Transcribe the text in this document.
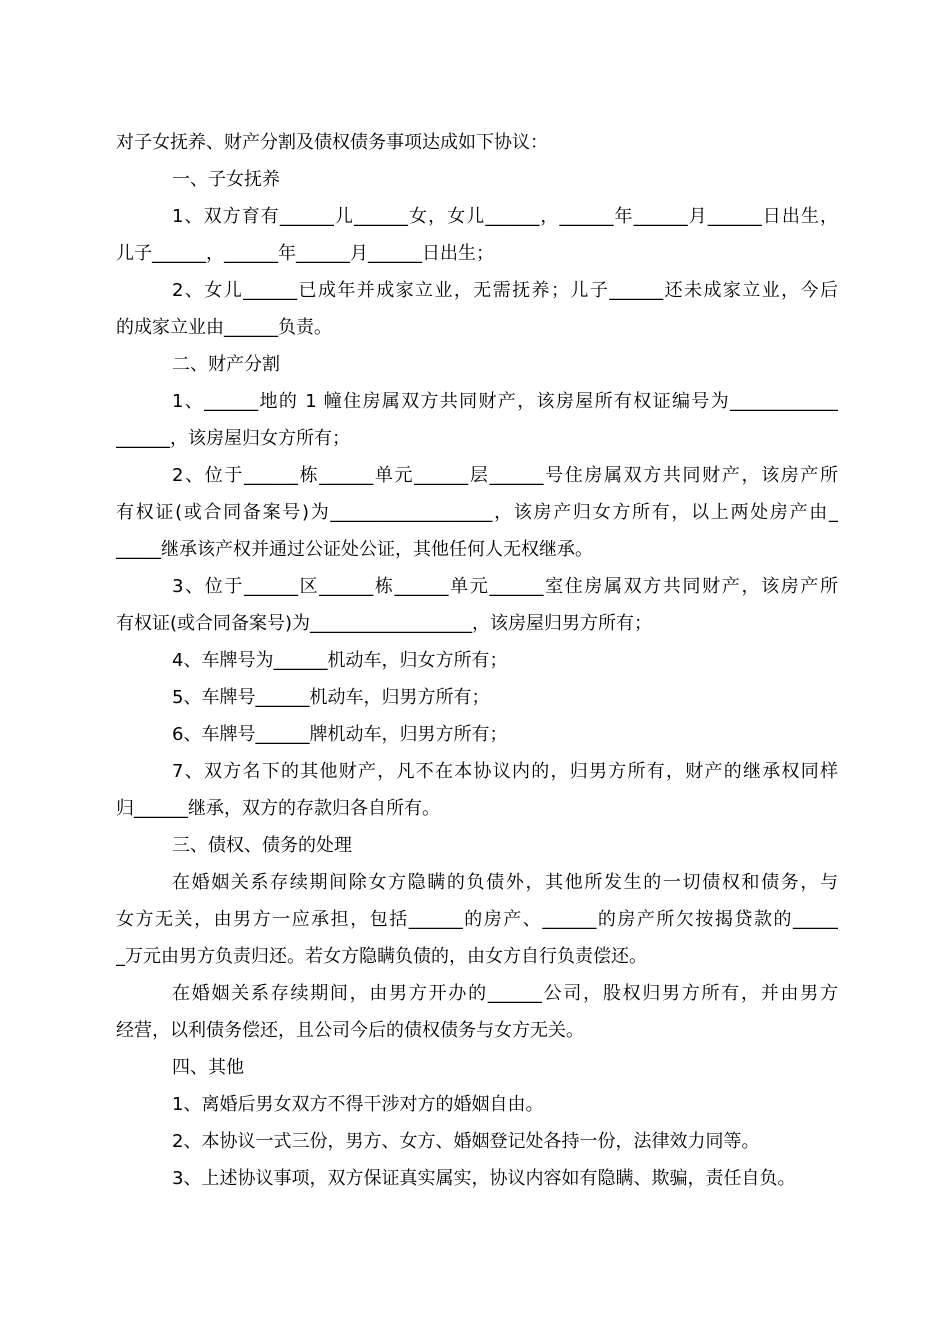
对子女抚养、财产分割及债权债务事项达成如下协议：

一、子女抚养

1、双方育有______儿______女，女儿______，______年______月______日出生，

儿子______，______年______月______日出生；

2、女儿______已成年并成家立业，无需抚养；儿子______还未成家立业，今后

的成家立业由______负责。

二、财产分割

1、______地的 1 幢住房属双方共同财产，该房屋所有权证编号为____________

______，该房屋归女方所有；

2、位于______栋______单元______层______号住房属双方共同财产，该房产所

有权证(或合同备案号)为__________________，该房产归女方所有，以上两处房产由_

_____继承该产权并通过公证处公证，其他任何人无权继承。

3、位于______区______栋______单元______室住房属双方共同财产，该房产所

有权证(或合同备案号)为__________________，该房屋归男方所有；

4、车牌号为______机动车，归女方所有；

5、车牌号______机动车，归男方所有；

6、车牌号______牌机动车，归男方所有；

7、双方名下的其他财产，凡不在本协议内的，归男方所有，财产的继承权同样

归______继承，双方的存款归各自所有。

三、债权、债务的处理

在婚姻关系存续期间除女方隐瞒的负债外，其他所发生的一切债权和债务，与

女方无关，由男方一应承担，包括______的房产、______的房产所欠按揭贷款的_____

_万元由男方负责归还。若女方隐瞒负债的，由女方自行负责偿还。

在婚姻关系存续期间，由男方开办的______公司，股权归男方所有，并由男方

经营，以利债务偿还，且公司今后的债权债务与女方无关。

四、其他

1、离婚后男女双方不得干涉对方的婚姻自由。

2、本协议一式三份，男方、女方、婚姻登记处各持一份，法律效力同等。

3、上述协议事项，双方保证真实属实，协议内容如有隐瞒、欺骗，责任自负。
